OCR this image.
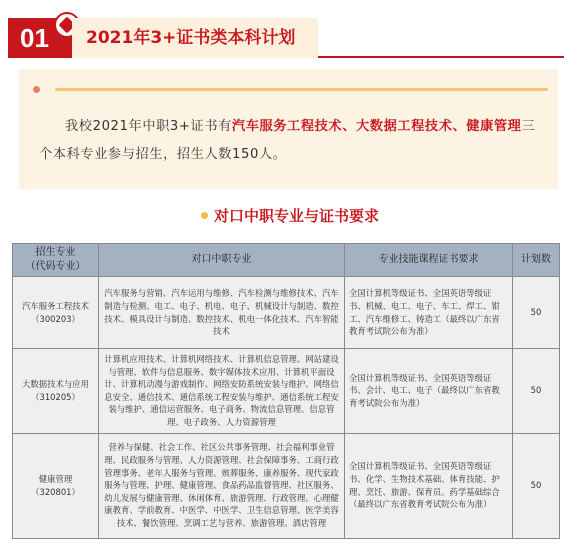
01	2021年3+证书类本科计划

我校2021年中职3+证书有汽车服务工程技术、大数据工程技术、健康管理三个本科专业参与招生，招生人数150人。

对口中职专业与证书要求
招生专业
（代码专业）	对口中职专业	专业技能课程证书要求	计划数
汽车服务工程技术
（300203）	汽车服务与营销、汽车运用与维修、汽车检测与维修技术、汽车制造与检测、电工、电子、机电、电子、机械设计与制造、数控技术、模具设计与制造、数控技术、机电一体化技术、汽车智能技术	全国计算机等级证书、全国英语等级证书、机械、电工、电子、车工、焊工、钳工、汽车维修工、铸造工（最终以广东省教育考试院公布为准）	50
大数据技术与应用
（310205）	计算机应用技术、计算机网络技术、计算机信息管理、网站建设与管理、软件与信息服务、数字媒体技术应用、计算机平面设计、计算机动漫与游戏制作、网络安防系统安装与维护、网络信息安全、通信技术、通信系统工程安装与维护、通信系统工程安装与维护、通信运营服务、电子商务、物流信息管理、信息管理、电子政务、人力资源管理	全国计算机等级证书、全国英语等级证书、会计、电工、电子（最终以广东省教育考试院公布为准）	50
健康管理
（320801）	营养与保健、社会工作、社区公共事务管理、社会福利事业管理、民政服务与管理、人力资源管理、社会保障事务、工商行政管理事务、老年人服务与管理、殡葬服务、康养服务、现代家政服务与管理、护理、健康管理、食品药品监督管理、社区服务、幼儿发展与健康管理、休闲体育、旅游管理、行政管理、心理健康教育、学前教育、中医学、中医学、卫生信息管理、医学美容技术、餐饮管理、烹调工艺与营养、旅游管理、酒店管理	全国计算机等级证书、全国英语等级证书、化学、生物技术基础、体育技能、护理、烹饪、旅游、保育员、药学基础综合（最终以广东省教育考试院公布为准）	50
